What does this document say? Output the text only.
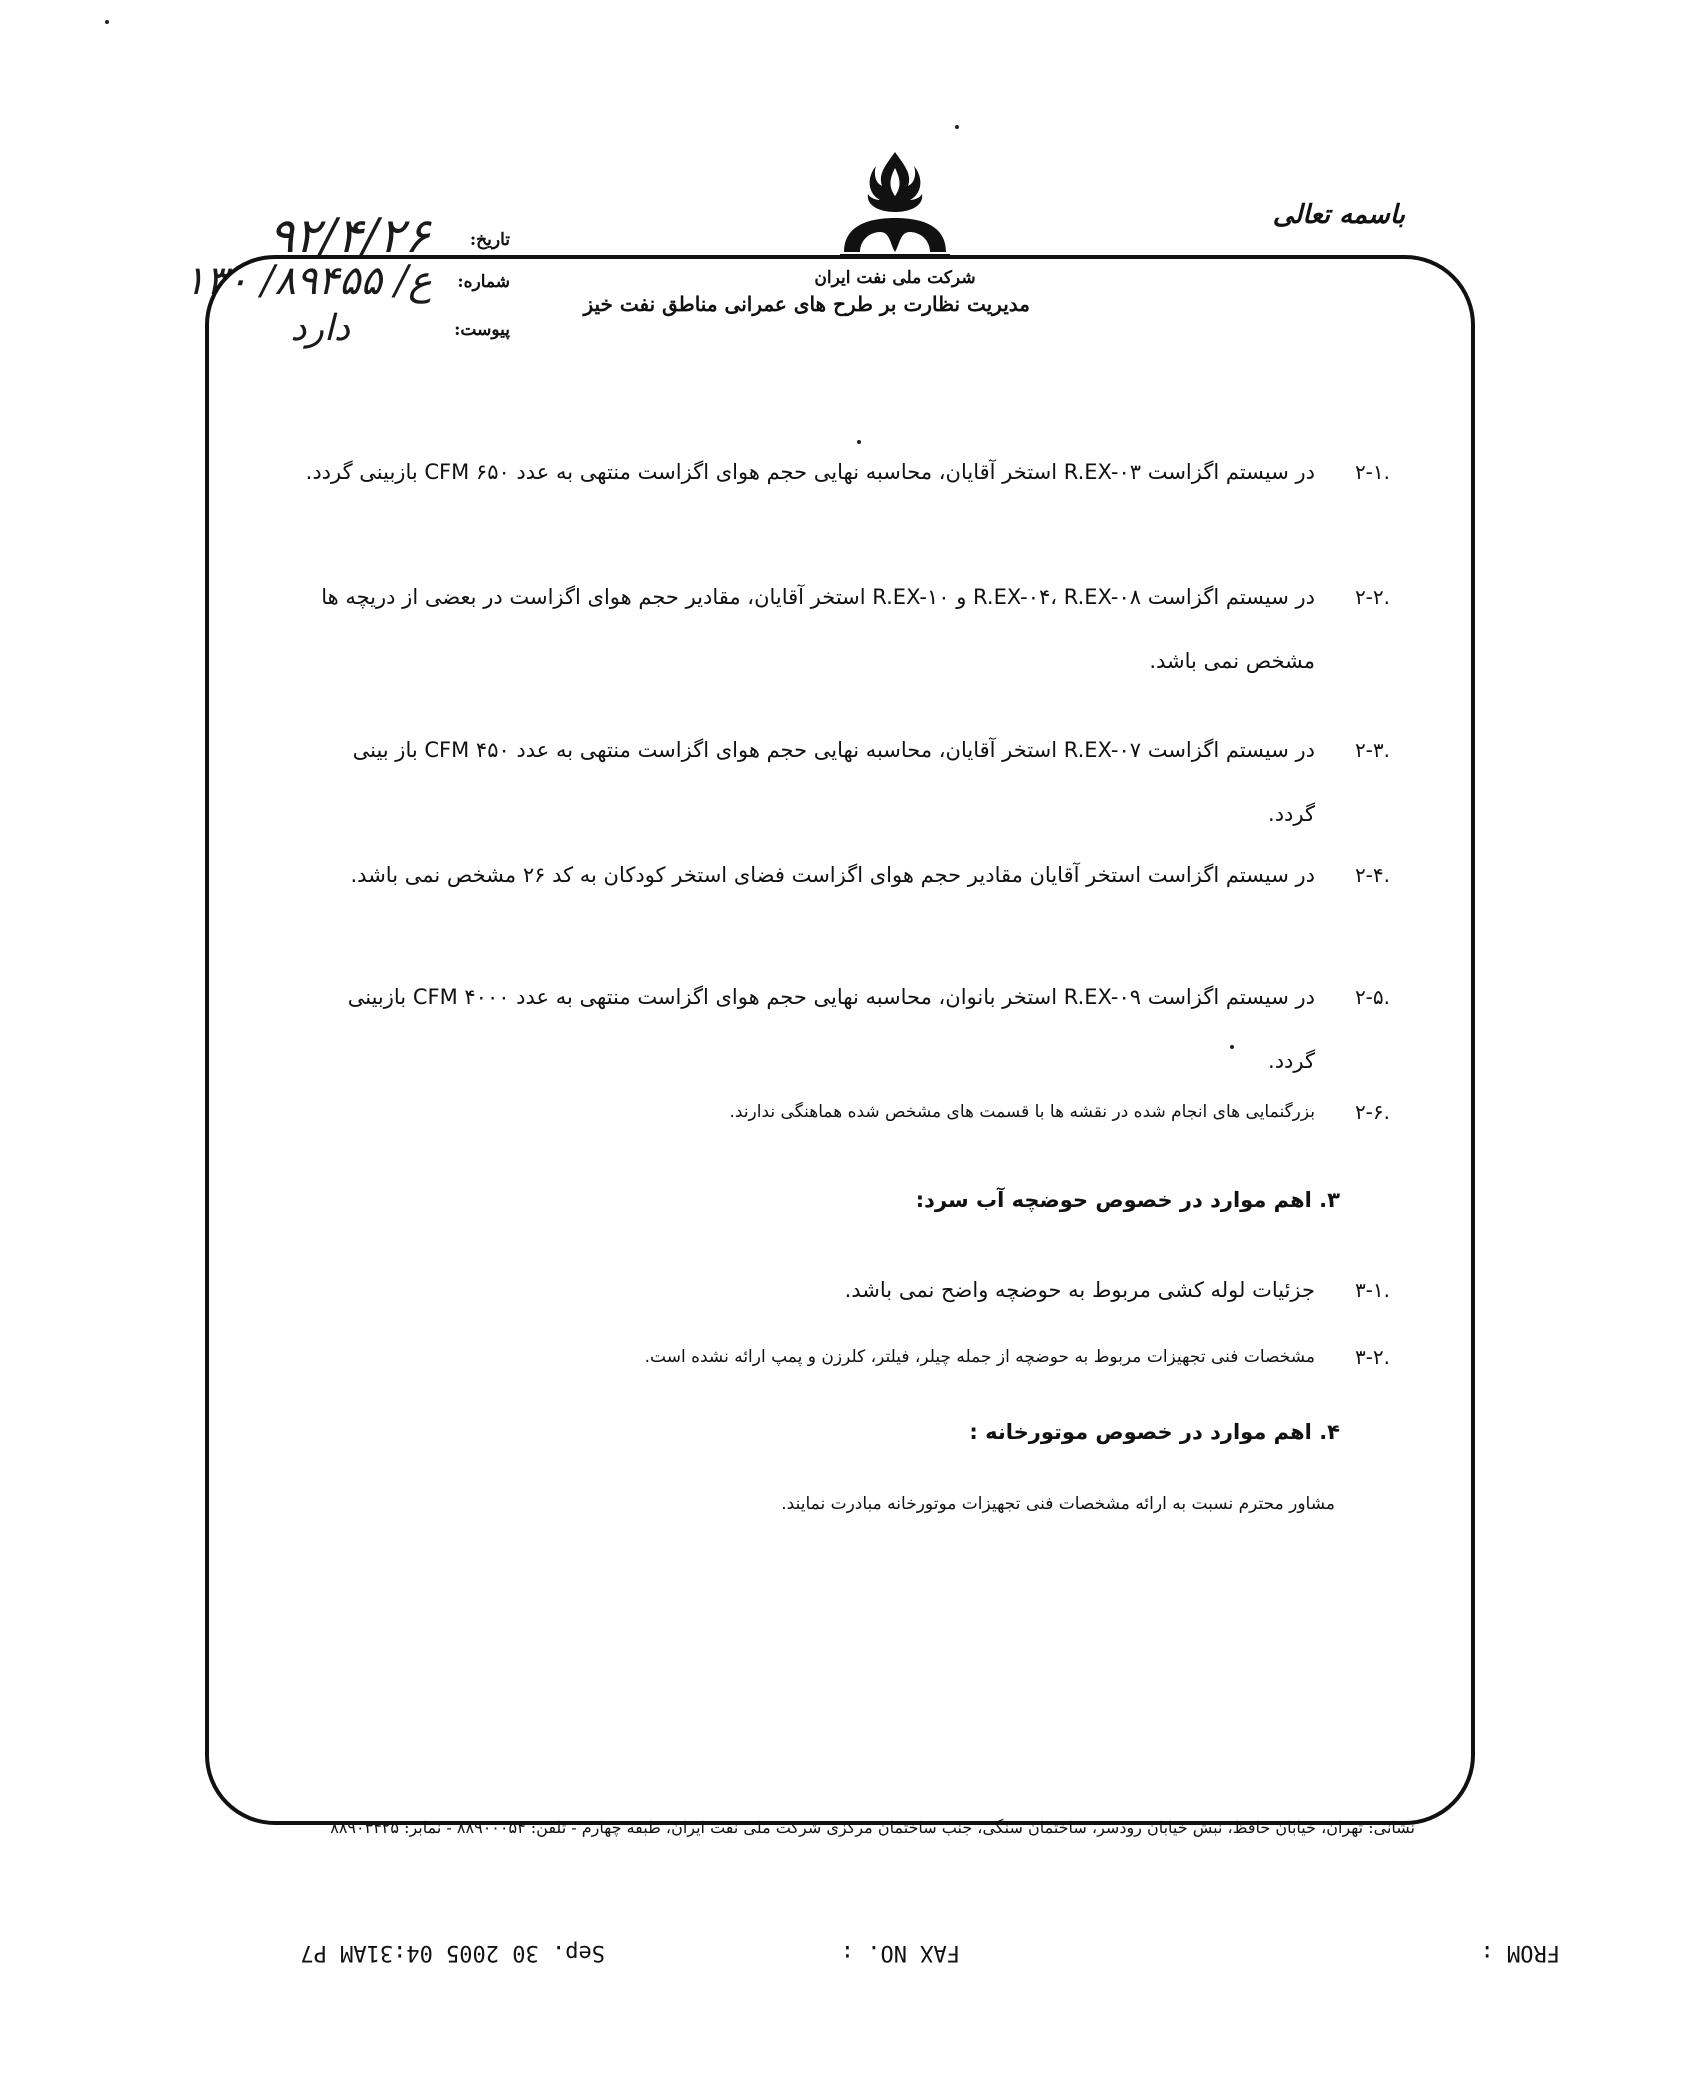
باسمه تعالی
شرکت ملی نفت ایران
مدیریت نظارت بر طرح های عمرانی مناطق نفت خیز
تاریخ:
شماره:
پیوست:
۹۲/۴/۲۶
ع/ ۸۹۴۵۵/ ۱۳۰
دارد
۲-۱.
در سیستم اگزاست R.EX-۰۳ استخر آقایان، محاسبه نهایی حجم هوای اگزاست منتهی به عدد CFM ۶۵۰ بازبینی گردد.
۲-۲.
در سیستم اگزاست R.EX-۰۴، R.EX-۰۸ و R.EX-۱۰ استخر آقایان، مقادیر حجم هوای اگزاست در بعضی از دریچه ها مشخص نمی باشد.
۲-۳.
در سیستم اگزاست R.EX-۰۷ استخر آقایان، محاسبه نهایی حجم هوای اگزاست منتهی به عدد CFM ۴۵۰ باز بینی گردد.
۲-۴.
در سیستم اگزاست استخر آقایان مقادیر حجم هوای اگزاست فضای استخر کودکان به کد ۲۶ مشخص نمی باشد.
۲-۵.
در سیستم اگزاست R.EX-۰۹ استخر بانوان، محاسبه نهایی حجم هوای اگزاست منتهی به عدد CFM ۴۰۰۰ بازبینی گردد.
۲-۶.
بزرگنمایی های انجام شده در نقشه ها با قسمت های مشخص شده هماهنگی ندارند.
۳. اهم موارد در خصوص حوضچه آب سرد:
۳-۱.
جزئیات لوله کشی مربوط به حوضچه واضح نمی باشد.
۳-۲.
مشخصات فنی تجهیزات مربوط به حوضچه از جمله چیلر، فیلتر، کلرزن و پمپ ارائه نشده است.
۴. اهم موارد در خصوص موتورخانه :
مشاور محترم نسبت به ارائه مشخصات فنی تجهیزات موتورخانه مبادرت نمایند.
نشانی: تهران، خیابان حافظ، نبش خیابان رودسر، ساختمان سنگی، جنب ساختمان مرکزی شرکت ملی نفت ایران، طبقه چهارم - تلفن: ۸۸۹۰۰۰۵۴ - نمابر: ۸۸۹۰۳۴۲۵
FROM :
FAX NO. :
Sep. 30 2005 04:31AM P7
